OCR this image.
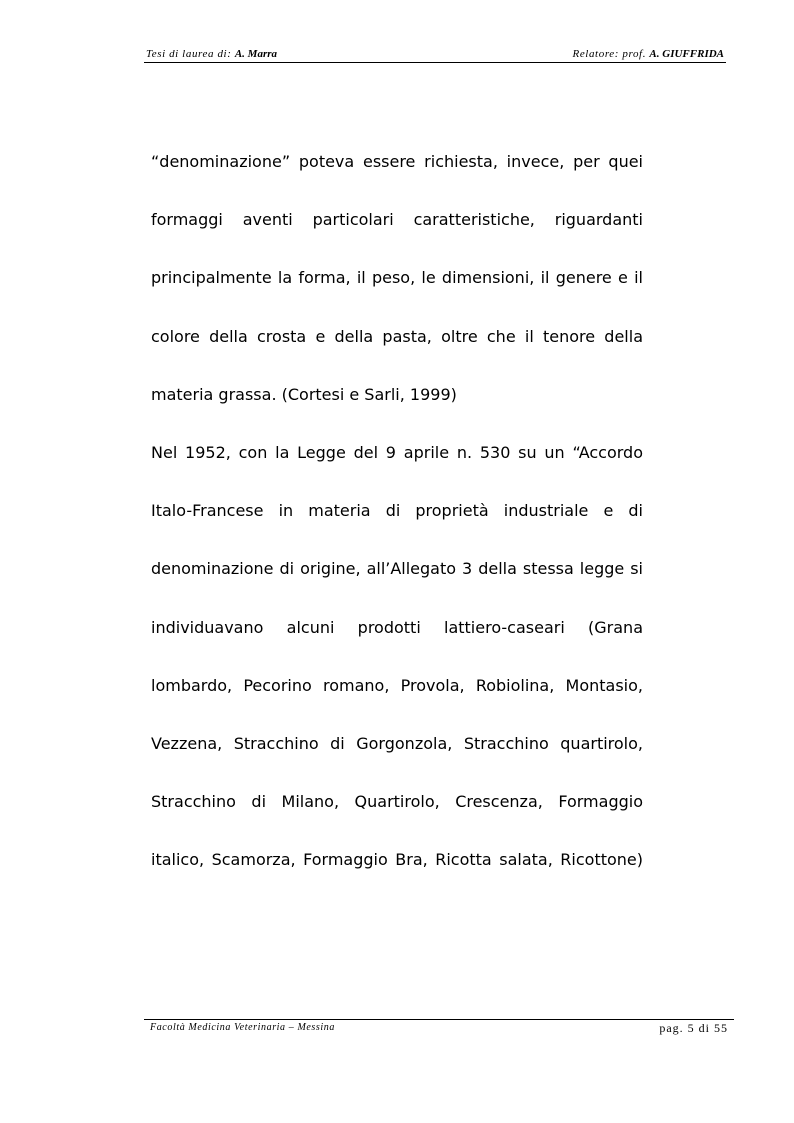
Tesi di laurea di: A. Marra	Relatore: prof. A. GIUFFRIDA
“denominazione” poteva essere richiesta, invece, per quei
formaggi aventi particolari caratteristiche, riguardanti
principalmente la forma, il peso, le dimensioni, il genere e il
colore della crosta e della pasta, oltre che il tenore della
materia grassa. (Cortesi e Sarli, 1999)
Nel 1952, con la Legge del 9 aprile n. 530 su un “Accordo
Italo-Francese in materia di proprietà industriale e di
denominazione di origine, all’Allegato 3 della stessa legge si
individuavano alcuni prodotti lattiero-caseari (Grana
lombardo, Pecorino romano, Provola, Robiolina, Montasio,
Vezzena, Stracchino di Gorgonzola, Stracchino quartirolo,
Stracchino di Milano, Quartirolo, Crescenza, Formaggio
italico, Scamorza, Formaggio Bra, Ricotta salata, Ricottone)
Facoltà Medicina Veterinaria – Messina	pag. 5 di 55
